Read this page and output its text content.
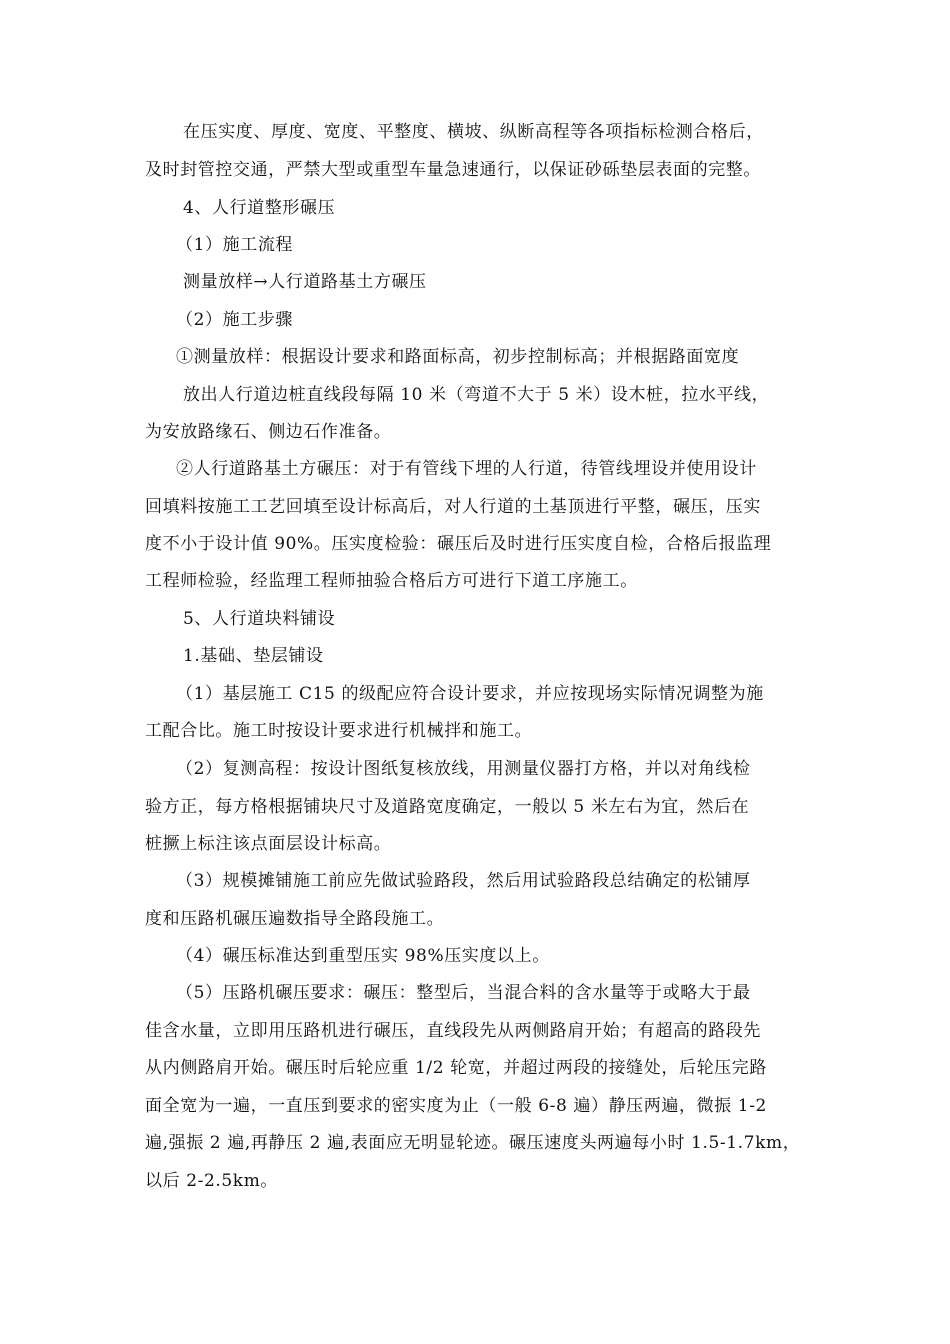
在压实度、厚度、宽度、平整度、横坡、纵断高程等各项指标检测合格后，
及时封管控交通，严禁大型或重型车量急速通行，以保证砂砾垫层表面的完整。
4、人行道整形碾压
（1）施工流程
测量放样→人行道路基土方碾压
（2）施工步骤
①测量放样：根据设计要求和路面标高，初步控制标高；并根据路面宽度
放出人行道边桩直线段每隔 10 米（弯道不大于 5 米）设木桩，拉水平线，
为安放路缘石、侧边石作准备。
②人行道路基土方碾压：对于有管线下埋的人行道，待管线埋设并使用设计
回填料按施工工艺回填至设计标高后，对人行道的土基顶进行平整，碾压，压实
度不小于设计值 90%。压实度检验：碾压后及时进行压实度自检，合格后报监理
工程师检验，经监理工程师抽验合格后方可进行下道工序施工。
5、人行道块料铺设
1.基础、垫层铺设
（1）基层施工 C15 的级配应符合设计要求，并应按现场实际情况调整为施
工配合比。施工时按设计要求进行机械拌和施工。
（2）复测高程：按设计图纸复核放线，用测量仪器打方格，并以对角线检
验方正，每方格根据铺块尺寸及道路宽度确定，一般以 5 米左右为宜，然后在
桩撅上标注该点面层设计标高。
（3）规模摊铺施工前应先做试验路段，然后用试验路段总结确定的松铺厚
度和压路机碾压遍数指导全路段施工。
（4）碾压标准达到重型压实 98%压实度以上。
（5）压路机碾压要求：碾压：整型后，当混合料的含水量等于或略大于最
佳含水量，立即用压路机进行碾压，直线段先从两侧路肩开始；有超高的路段先
从内侧路肩开始。碾压时后轮应重 1/2 轮宽，并超过两段的接缝处，后轮压完路
面全宽为一遍，一直压到要求的密实度为止（一般 6-8 遍）静压两遍，微振 1-2
遍,强振 2 遍,再静压 2 遍,表面应无明显轮迹。碾压速度头两遍每小时 1.5-1.7km，
以后 2-2.5km。
